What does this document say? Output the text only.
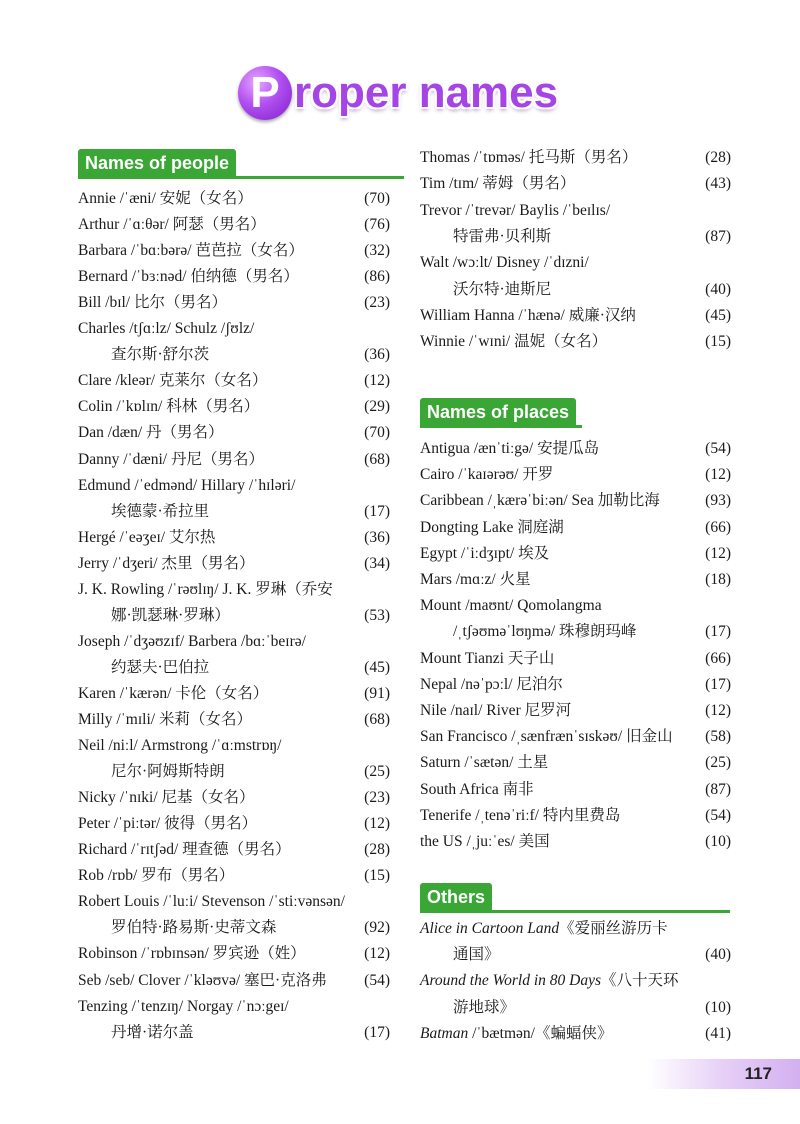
P roper names
Names of people
Annie /ˈæni/ 安妮（女名）	(70)
Arthur /ˈɑːθər/ 阿瑟（男名）	(76)
Barbara /ˈbɑːbərə/ 芭芭拉（女名）	(32)
Bernard /ˈbɜːnəd/ 伯纳德（男名）	(86)
Bill /bɪl/ 比尔（男名）	(23)
Charles /tʃɑːlz/ Schulz /ʃʊlz/
查尔斯·舒尔茨	(36)
Clare /kleər/ 克莱尔（女名）	(12)
Colin /ˈkɒlɪn/ 科林（男名）	(29)
Dan /dæn/ 丹（男名）	(70)
Danny /ˈdæni/ 丹尼（男名）	(68)
Edmund /ˈedmənd/ Hillary /ˈhɪləri/
埃德蒙·希拉里	(17)
Hergé /ˈeəʒeɪ/ 艾尔热	(36)
Jerry /ˈdʒeri/ 杰里（男名）	(34)
J. K. Rowling /ˈrəʊlɪŋ/ J. K. 罗琳（乔安
娜·凯瑟琳·罗琳）	(53)
Joseph /ˈdʒəʊzɪf/ Barbera /bɑːˈbeɪrə/
约瑟夫·巴伯拉	(45)
Karen /ˈkærən/ 卡伦（女名）	(91)
Milly /ˈmɪli/ 米莉（女名）	(68)
Neil /niːl/ Armstrong /ˈɑːmstrɒŋ/
尼尔·阿姆斯特朗	(25)
Nicky /ˈnɪki/ 尼基（女名）	(23)
Peter /ˈpiːtər/ 彼得（男名）	(12)
Richard /ˈrɪtʃəd/ 理查德（男名）	(28)
Rob /rɒb/ 罗布（男名）	(15)
Robert Louis /ˈluːi/ Stevenson /ˈstiːvənsən/
罗伯特·路易斯·史蒂文森	(92)
Robinson /ˈrɒbɪnsən/ 罗宾逊（姓）	(12)
Seb /seb/ Clover /ˈkləʊvə/ 塞巴·克洛弗 (54)
Tenzing /ˈtenzɪŋ/ Norgay /ˈnɔːgeɪ/
丹增·诺尔盖	(17)
Thomas /ˈtɒməs/ 托马斯（男名）	(28)
Tim /tɪm/ 蒂姆（男名）	(43)
Trevor /ˈtrevər/ Baylis /ˈbeɪlɪs/
特雷弗·贝利斯	(87)
Walt /wɔːlt/ Disney /ˈdɪzni/
沃尔特·迪斯尼	(40)
William Hanna /ˈhænə/ 威廉·汉纳	(45)
Winnie /ˈwɪni/ 温妮（女名）	(15)
Names of places
Antigua /ænˈtiːgə/ 安提瓜岛	(54)
Cairo /ˈkaɪərəʊ/ 开罗	(12)
Caribbean /ˌkærəˈbiːən/ Sea 加勒比海	(93)
Dongting Lake 洞庭湖	(66)
Egypt /ˈiːdʒɪpt/ 埃及	(12)
Mars /mɑːz/ 火星	(18)
Mount /maʊnt/ Qomolangma
/ˌtʃəʊməˈlʊŋmə/ 珠穆朗玛峰	(17)
Mount Tianzi 天子山	(66)
Nepal /nəˈpɔːl/ 尼泊尔	(17)
Nile /naɪl/ River 尼罗河	(12)
San Francisco /ˌsænfrænˈsɪskəʊ/ 旧金山 (58)
Saturn /ˈsætən/ 土星	(25)
South Africa 南非	(87)
Tenerife /ˌtenəˈriːf/ 特内里费岛	(54)
the US /ˌjuːˈes/ 美国	(10)
Others
Alice in Cartoon Land《爱丽丝游历卡
通国》	(40)
Around the World in 80 Days《八十天环
游地球》	(10)
Batman /ˈbætmən/《蝙蝠侠》	(41)
117
